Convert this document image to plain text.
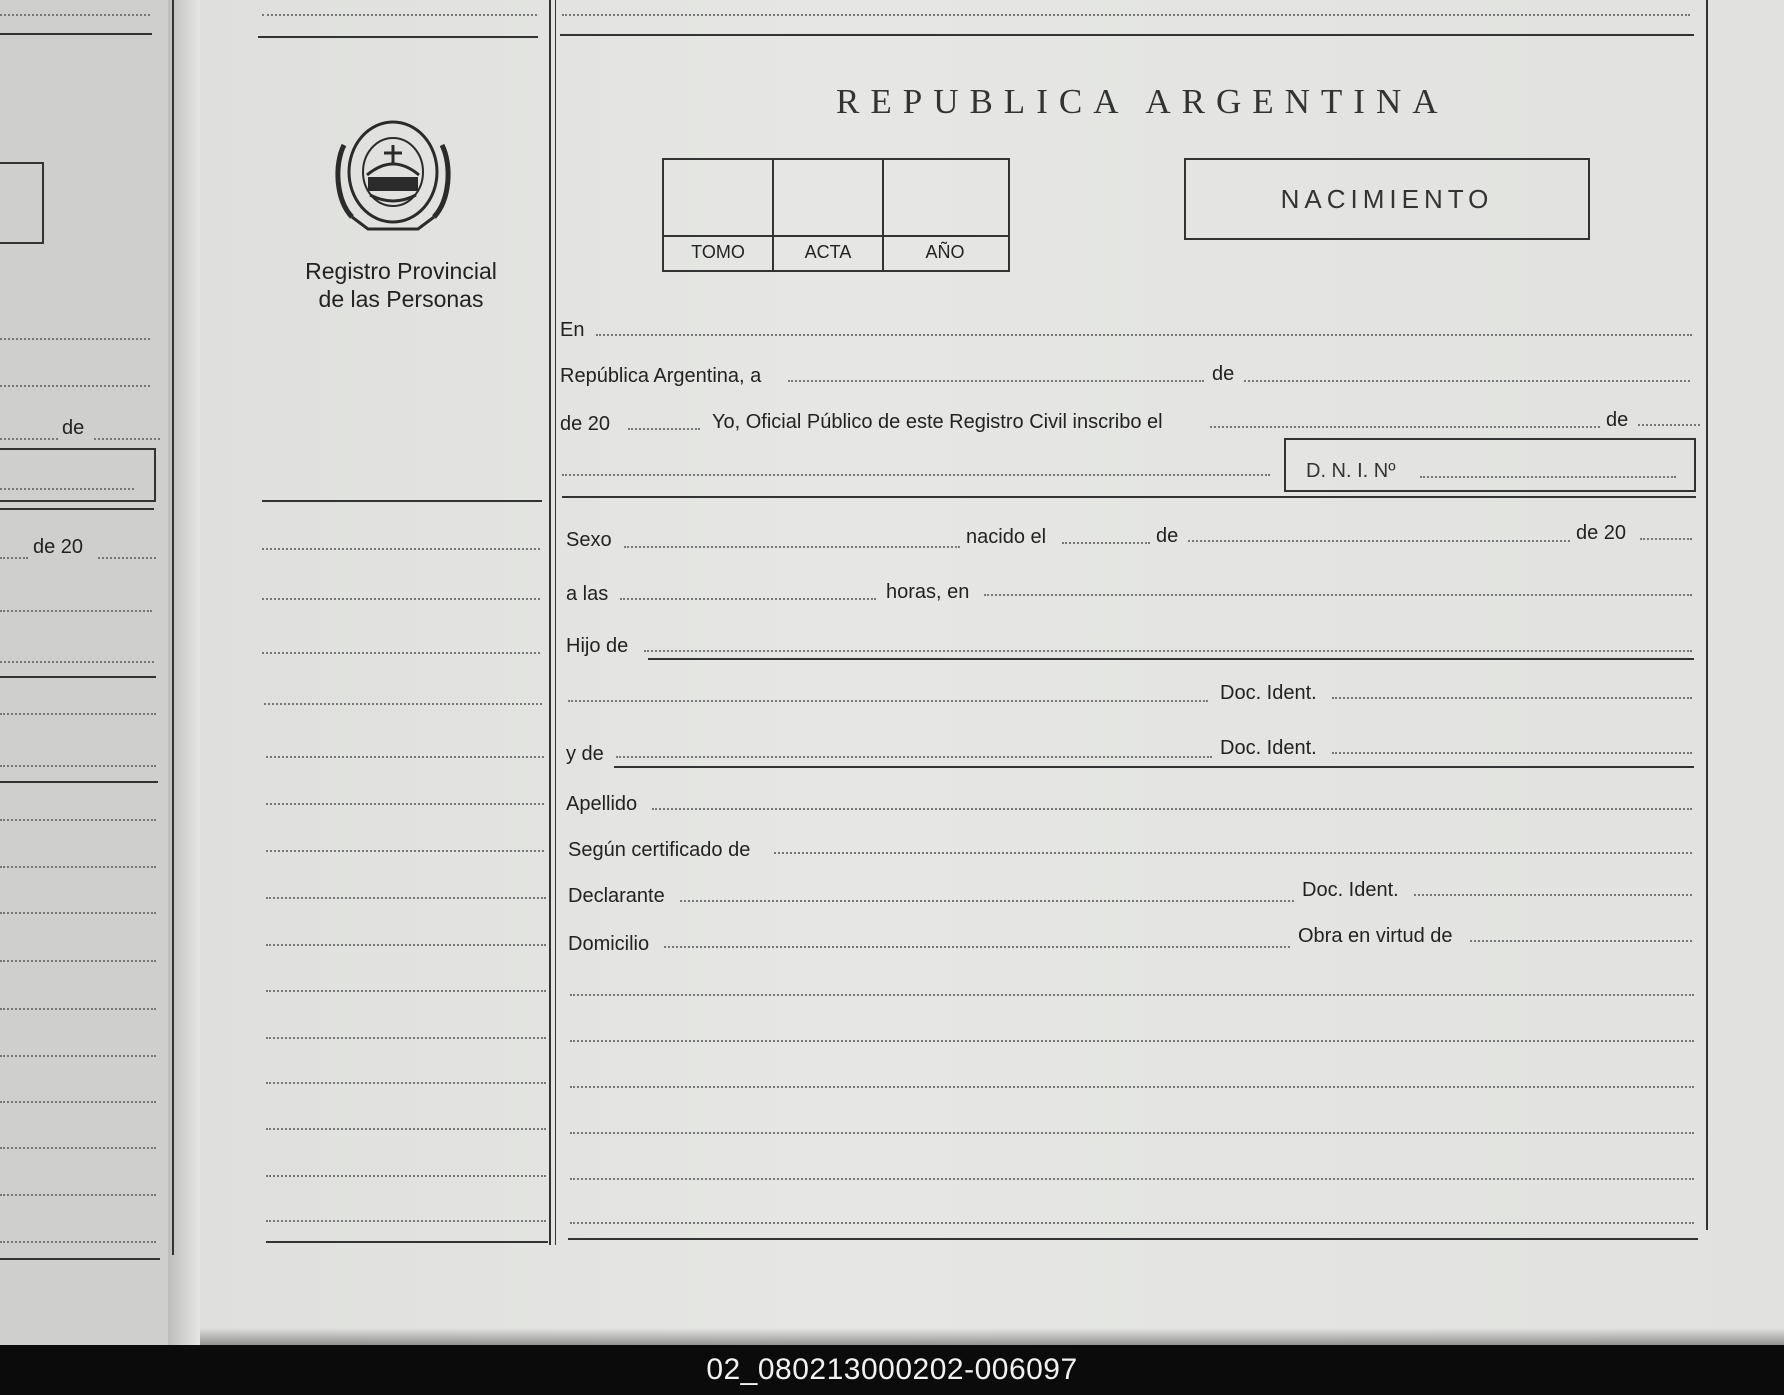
de
de 20
Registro Provincial
de las Personas
REPUBLICA ARGENTINA
TOMO	ACTA	AÑO
NACIMIENTO
En
República Argentina, a	de
de 20	Yo, Oficial Público de este Registro Civil inscribo el	de
D. N. I. Nº
Sexo	nacido el	de	de 20
a las	horas, en
Hijo de
Doc. Ident.
y de	Doc. Ident.
Apellido
Según certificado de
Declarante	Doc. Ident.
Domicilio	Obra en virtud de
02_080213000202-006097
